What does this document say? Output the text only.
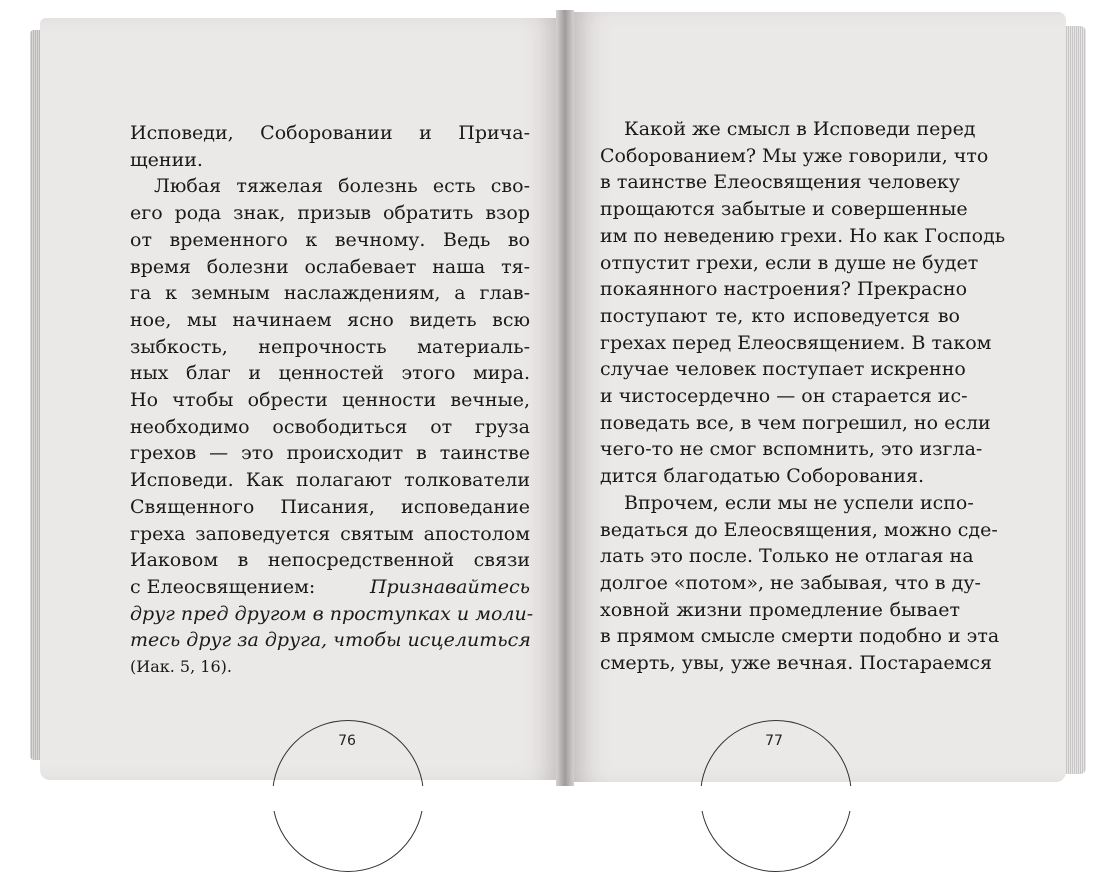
Исповеди, Соборовании и Прича-
щении.
Любая тяжелая болезнь есть сво-
его рода знак, призыв обратить взор
от временного к вечному. Ведь во
время болезни ослабевает наша тя-
га к земным наслаждениям, а глав-
ное, мы начинаем ясно видеть всю
зыбкость, непрочность материаль-
ных благ и ценностей этого мира.
Но чтобы обрести ценности вечные,
необходимо освободиться от груза
грехов — это происходит в таинстве
Исповеди. Как полагают толкователи
Священного Писания, исповедание
греха заповедуется святым апостолом
Иаковом в непосредственной связи
с Елеосвящением:	Признавайтесь
друг пред другом в проступках и моли-
тесь друг за друга, чтобы исцелиться
(Иак. 5, 16).
Какой же смысл в Исповеди перед
Соборованием? Мы уже говорили, что
в таинстве Елеосвящения человеку
прощаются забытые и совершенные
им по неведению грехи. Но как Господь
отпустит грехи, если в душе не будет
покаянного настроения? Прекрасно
поступают те, кто исповедуется во
грехах перед Елеосвящением. В таком
случае человек поступает искренно
и чистосердечно — он старается ис-
поведать все, в чем погрешил, но если
чего-то не смог вспомнить, это изгла-
дится благодатью Соборования.
Впрочем, если мы не успели испо-
ведаться до Елеосвящения, можно сде-
лать это после. Только не отлагая на
долгое «потом», не забывая, что в ду-
ховной жизни промедление бывает
в прямом смысле смерти подобно и эта
смерть, увы, уже вечная. Постараемся
76	77
